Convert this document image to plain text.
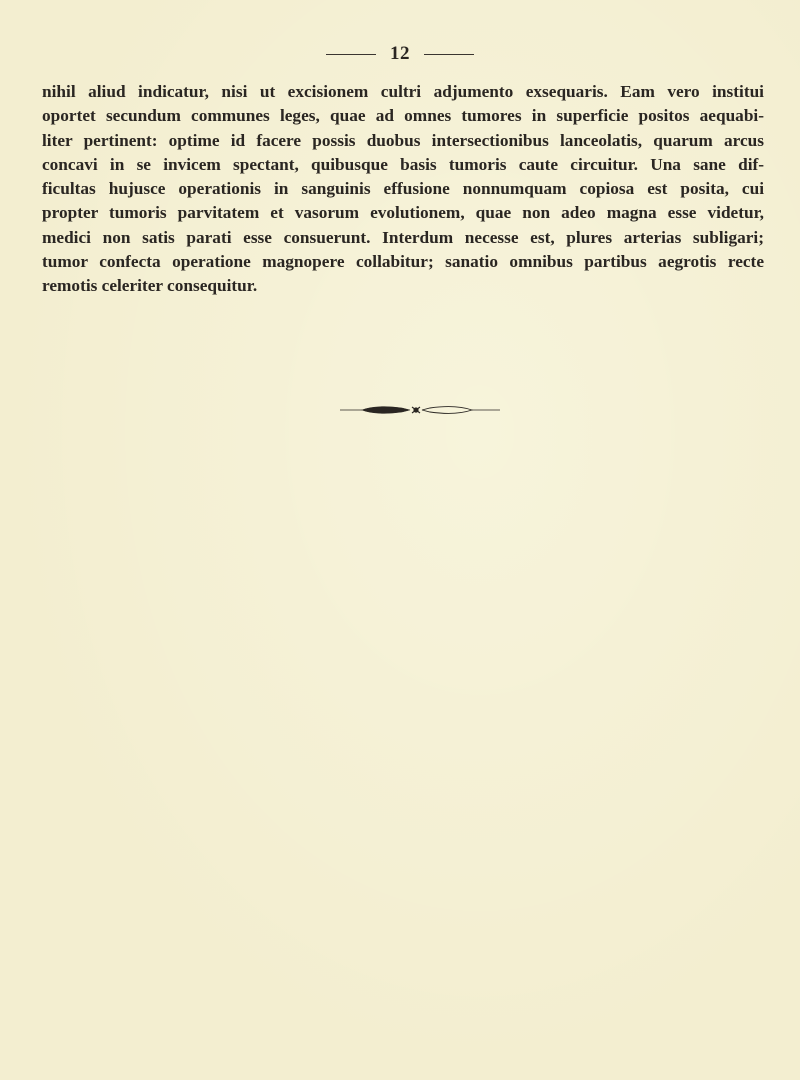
12
nihil aliud indicatur, nisi ut excisionem cultri adjumento exsequaris. Eam vero institui
oportet secundum communes leges, quae ad omnes tumores in superficie positos aequabi-
liter pertinent: optime id facere possis duobus intersectionibus lanceolatis, quarum arcus
concavi in se invicem spectant, quibusque basis tumoris caute circuitur. Una sane dif-
ficultas hujusce operationis in sanguinis effusione nonnumquam copiosa est posita, cui
propter tumoris parvitatem et vasorum evolutionem, quae non adeo magna esse videtur,
medici non satis parati esse consuerunt. Interdum necesse est, plures arterias subligari;
tumor confecta operatione magnopere collabitur; sanatio omnibus partibus aegrotis recte
remotis celeriter consequitur.
